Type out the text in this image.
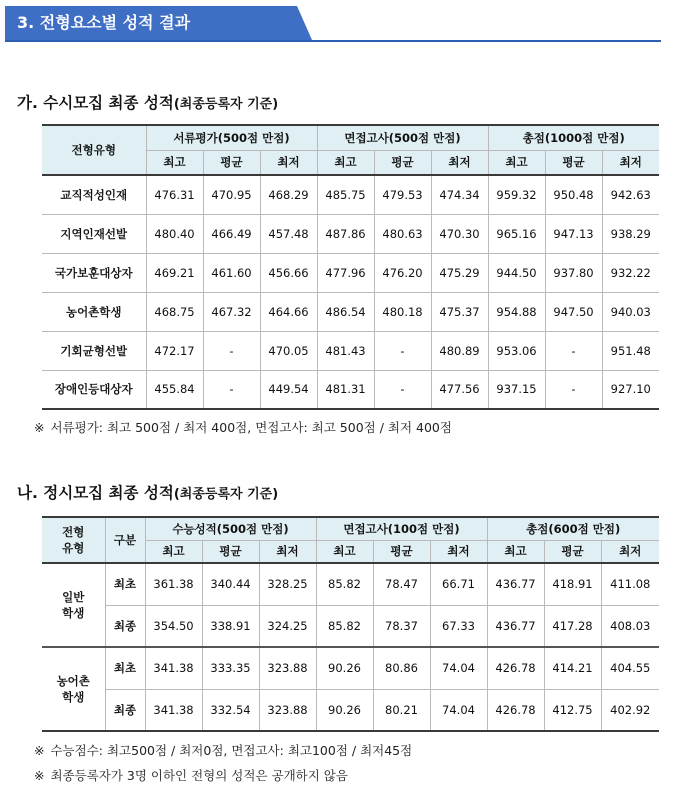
3. 전형요소별 성적 결과
가. 수시모집 최종 성적(최종등록자 기준)
전형유형	서류평가(500점 만점)			면접고사(500점 만점)			총점(1000점 만점)		
	최고	평균	최저	최고	평균	최저	최고	평균	최저
교직적성인재	476.31	470.95	468.29	485.75	479.53	474.34	959.32	950.48	942.63
지역인재선발	480.40	466.49	457.48	487.86	480.63	470.30	965.16	947.13	938.29
국가보훈대상자	469.21	461.60	456.66	477.96	476.20	475.29	944.50	937.80	932.22
농어촌학생	468.75	467.32	464.66	486.54	480.18	475.37	954.88	947.50	940.03
기회균형선발	472.17	-	470.05	481.43	-	480.89	953.06	-	951.48
장애인등대상자	455.84	-	449.54	481.31	-	477.56	937.15	-	927.10
※ 서류평가: 최고 500점 / 최저 400점, 면접고사: 최고 500점 / 최저 400점
나. 정시모집 최종 성적(최종등록자 기준)
전형
유형	구분	수능성적(500점 만점)			면접고사(100점 만점)			총점(600점 만점)		
		최고	평균	최저	최고	평균	최저	최고	평균	최저

일반
학생	최초	361.38	340.44	328.25	85.82	78.47	66.71	436.77	418.91	411.08
	최종	354.50	338.91	324.25	85.82	78.37	67.33	436.77	417.28	408.03

농어촌
학생	최초	341.38	333.35	323.88	90.26	80.86	74.04	426.78	414.21	404.55
	최종	341.38	332.54	323.88	90.26	80.21	74.04	426.78	412.75	402.92
※ 수능점수: 최고500점 / 최저0점, 면접고사: 최고100점 / 최저45점
※ 최종등록자가 3명 이하인 전형의 성적은 공개하지 않음
